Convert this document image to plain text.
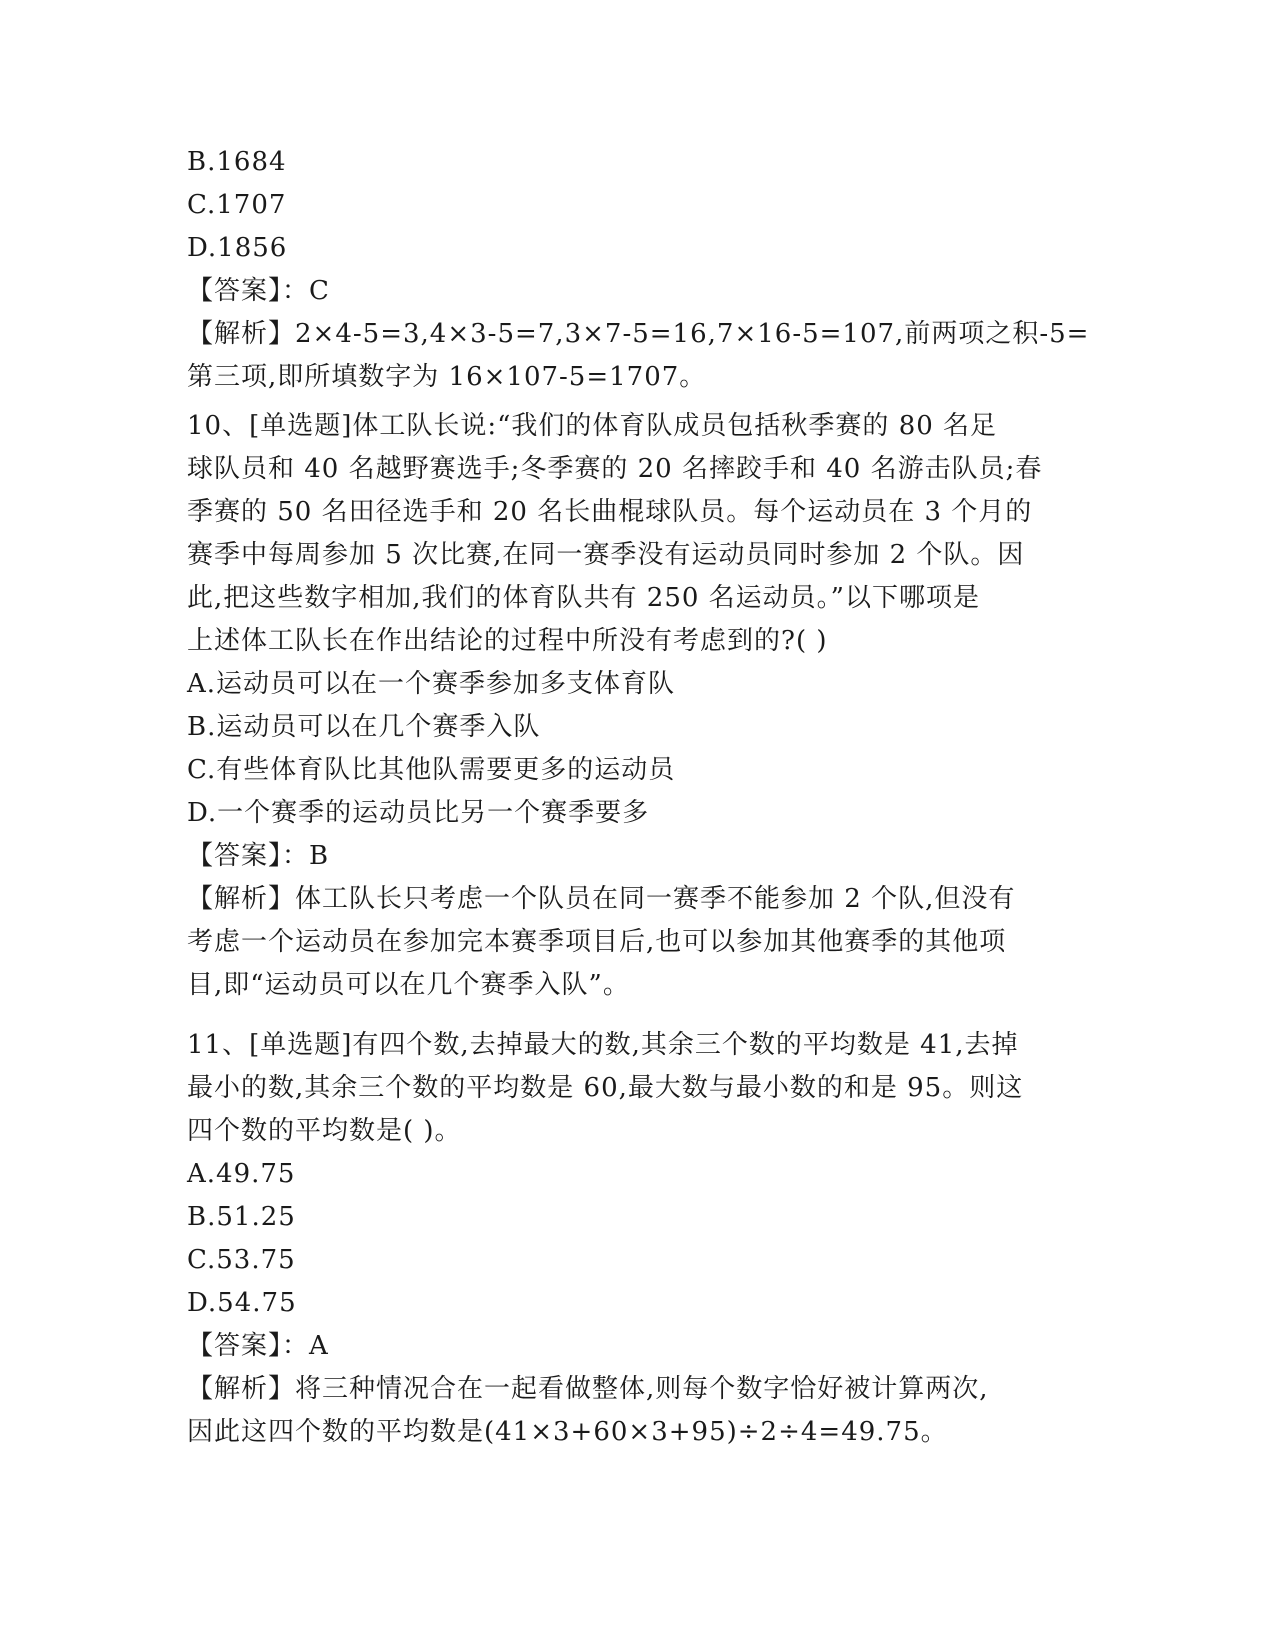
B.1684
C.1707
D.1856
【答案】：C
【解析】2×4-5=3,4×3-5=7,3×7-5=16,7×16-5=107,前两项之积-5=
第三项,即所填数字为 16×107-5=1707。
10、[单选题]体工队长说:“我们的体育队成员包括秋季赛的 80 名足
球队员和 40 名越野赛选手;冬季赛的 20 名摔跤手和 40 名游击队员;春
季赛的 50 名田径选手和 20 名长曲棍球队员。每个运动员在 3 个月的
赛季中每周参加 5 次比赛,在同一赛季没有运动员同时参加 2 个队。因
此,把这些数字相加,我们的体育队共有 250 名运动员。”以下哪项是
上述体工队长在作出结论的过程中所没有考虑到的?( )
A.运动员可以在一个赛季参加多支体育队
B.运动员可以在几个赛季入队
C.有些体育队比其他队需要更多的运动员
D.一个赛季的运动员比另一个赛季要多
【答案】：B
【解析】体工队长只考虑一个队员在同一赛季不能参加 2 个队,但没有
考虑一个运动员在参加完本赛季项目后,也可以参加其他赛季的其他项
目,即“运动员可以在几个赛季入队”。
11、[单选题]有四个数,去掉最大的数,其余三个数的平均数是 41,去掉
最小的数,其余三个数的平均数是 60,最大数与最小数的和是 95。则这
四个数的平均数是( )。
A.49.75
B.51.25
C.53.75
D.54.75
【答案】：A
【解析】将三种情况合在一起看做整体,则每个数字恰好被计算两次,
因此这四个数的平均数是(41×3+60×3+95)÷2÷4=49.75。
